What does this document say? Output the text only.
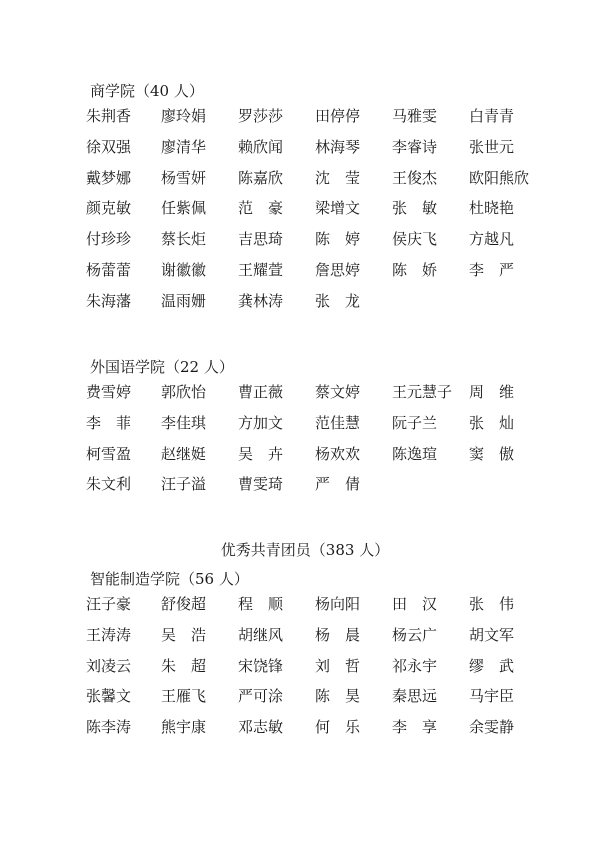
商学院（40 人）
朱荆香 廖玲娟 罗莎莎 田停停 马雅雯 白青青
徐双强 廖清华 赖欣闻 林海琴 李睿诗 张世元
戴梦娜 杨雪妍 陈嘉欣 沈　莹 王俊杰 欧阳熊欣
颜克敏 任紫佩 范　豪 梁增文 张　敏 杜晓艳
付珍珍 蔡长炬 吉思琦 陈　婷 侯庆飞 方越凡
杨蕾蕾 谢徽徽 王耀萱 詹思婷 陈　娇 李　严
朱海藩 温雨姗 龚林涛 张　龙
外国语学院（22 人）
费雪婷 郭欣怡 曹正薇 蔡文婷 王元慧子 周　维
李　菲 李佳琪 方加文 范佳慧 阮子兰 张　灿
柯雪盈 赵继娗 吴　卉 杨欢欢 陈逸瑄 窦　傲
朱文利 汪子溢 曹雯琦 严　倩
优秀共青团员（383 人）
智能制造学院（56 人）
汪子豪 舒俊超 程　顺 杨向阳 田　汉 张　伟
王涛涛 吴　浩 胡继风 杨　晨 杨云广 胡文军
刘凌云 朱　超 宋饶锋 刘　哲 祁永宇 缪　武
张馨文 王雁飞 严可涂 陈　昊 秦思远 马宇臣
陈李涛 熊宇康 邓志敏 何　乐 李　享 余雯静
